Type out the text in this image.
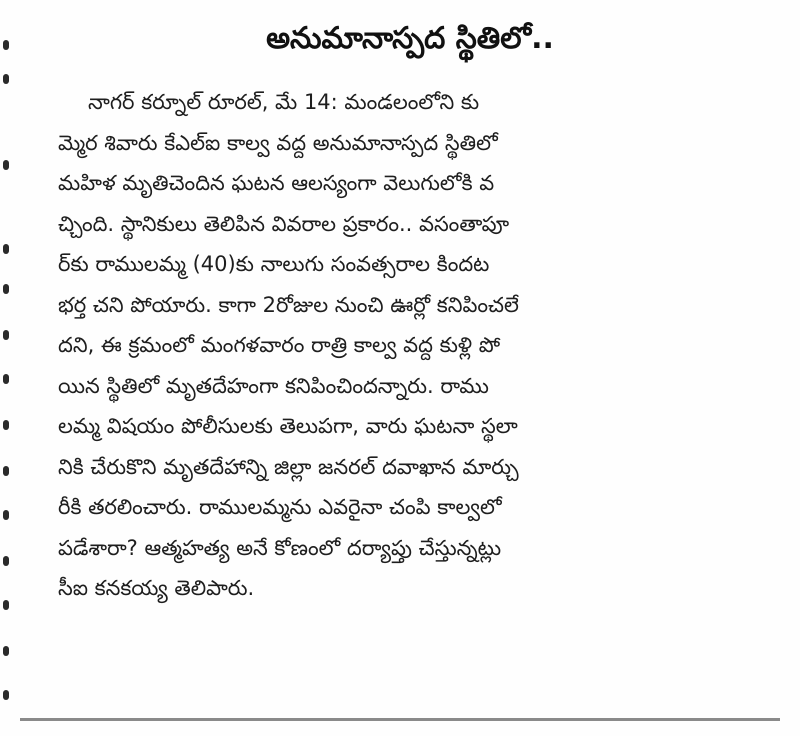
అనుమానాస్పద స్థితిలో..
నాగర్ కర్నూల్ రూరల్, మే 14: మండలంలోని కు
మ్మెర శివారు కేఎల్ఐ కాల్వ వద్ద అనుమానాస్పద స్థితిలో
మహిళ మృతిచెందిన ఘటన ఆలస్యంగా వెలుగులోకి వ
చ్చింది. స్థానికులు తెలిపిన వివరాల ప్రకారం.. వసంతాపూ
ర్‌కు రాములమ్మ (40)కు నాలుగు సంవత్సరాల కిందట
భర్త చని పోయారు. కాగా 2రోజుల నుంచి ఊర్లో కనిపించలే
దని, ఈ క్రమంలో మంగళవారం రాత్రి కాల్వ వద్ద కుళ్లి పో
యిన స్థితిలో మృతదేహంగా కనిపించిందన్నారు. రాము
లమ్మ విషయం పోలీసులకు తెలుపగా, వారు ఘటనా స్థలా
నికి చేరుకొని మృతదేహాన్ని జిల్లా జనరల్ దవాఖాన మార్చు
రీకి తరలించారు. రాములమ్మను ఎవరైనా చంపి కాల్వలో
పడేశారా? ఆత్మహత్య అనే కోణంలో దర్యాప్తు చేస్తున్నట్లు
సీఐ కనకయ్య తెలిపారు.
